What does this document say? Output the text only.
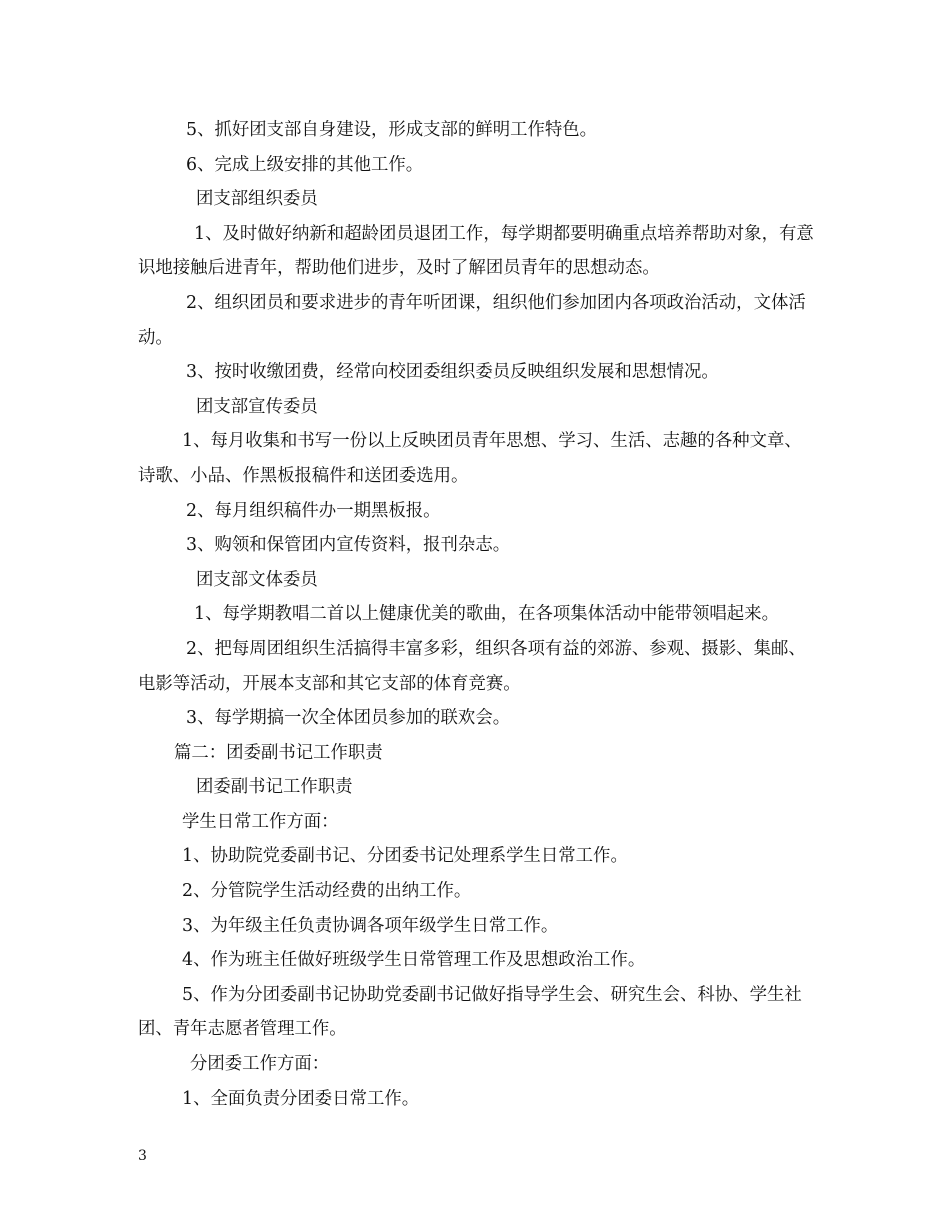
5、抓好团支部自身建设，形成支部的鲜明工作特色。

6、完成上级安排的其他工作。

团支部组织委员

1、及时做好纳新和超龄团员退团工作，每学期都要明确重点培养帮助对象，有意识地接触后进青年，帮助他们进步，及时了解团员青年的思想动态。

2、组织团员和要求进步的青年听团课，组织他们参加团内各项政治活动，文体活动。

3、按时收缴团费，经常向校团委组织委员反映组织发展和思想情况。

团支部宣传委员

1、每月收集和书写一份以上反映团员青年思想、学习、生活、志趣的各种文章、诗歌、小品、作黑板报稿件和送团委选用。

2、每月组织稿件办一期黑板报。

3、购领和保管团内宣传资料，报刊杂志。

团支部文体委员

1、每学期教唱二首以上健康优美的歌曲，在各项集体活动中能带领唱起来。

2、把每周团组织生活搞得丰富多彩，组织各项有益的郊游、参观、摄影、集邮、电影等活动，开展本支部和其它支部的体育竞赛。

3、每学期搞一次全体团员参加的联欢会。

篇二：团委副书记工作职责

团委副书记工作职责

学生日常工作方面：

1、协助院党委副书记、分团委书记处理系学生日常工作。

2、分管院学生活动经费的出纳工作。

3、为年级主任负责协调各项年级学生日常工作。

4、作为班主任做好班级学生日常管理工作及思想政治工作。

5、作为分团委副书记协助党委副书记做好指导学生会、研究生会、科协、学生社团、青年志愿者管理工作。

分团委工作方面：

1、全面负责分团委日常工作。

3
